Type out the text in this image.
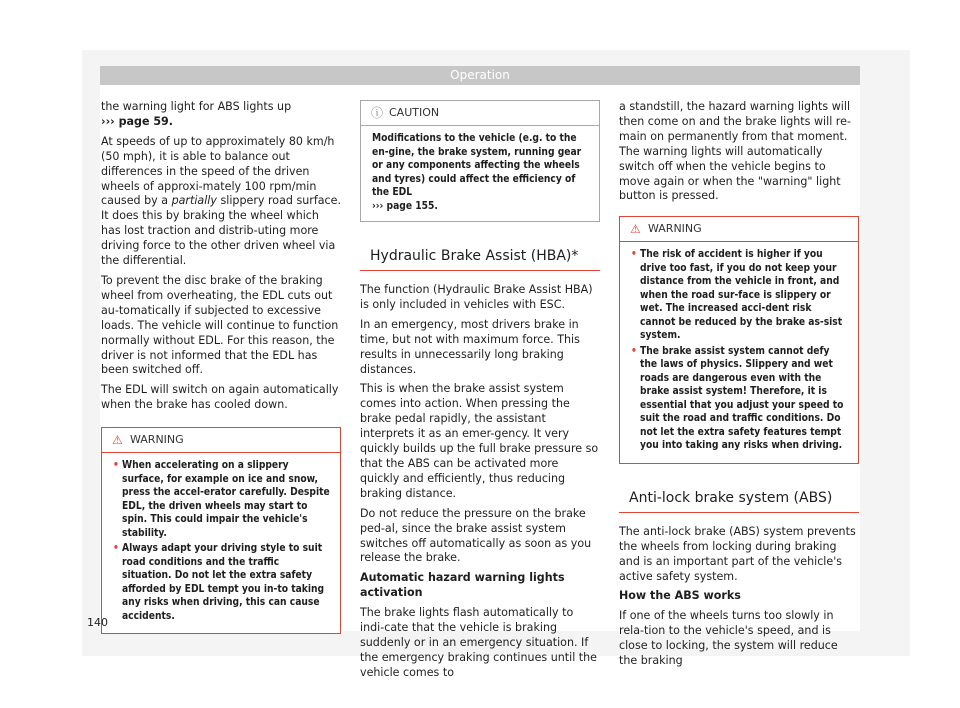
Operation

the warning light for ABS lights up
››› page 59.

At speeds of up to approximately 80 km/h (50 mph), it is able to balance out differences in the speed of the driven wheels of approxi-mately 100 rpm/min caused by a partially slippery road surface. It does this by braking the wheel which has lost traction and distrib-uting more driving force to the other driven wheel via the differential.

To prevent the disc brake of the braking wheel from overheating, the EDL cuts out au-tomatically if subjected to excessive loads. The vehicle will continue to function normally without EDL. For this reason, the driver is not informed that the EDL has been switched off.

The EDL will switch on again automatically when the brake has cooled down.

⚠ WARNING
• When accelerating on a slippery surface, for example on ice and snow, press the accel-erator carefully. Despite EDL, the driven wheels may start to spin. This could impair the vehicle's stability.
• Always adapt your driving style to suit road conditions and the traffic situation. Do not let the extra safety afforded by EDL tempt you in-to taking any risks when driving, this can cause accidents.
ⓘ CAUTION
Modifications to the vehicle (e.g. to the en-gine, the brake system, running gear or any components affecting the wheels and tyres) could affect the efficiency of the EDL
››› page 155.
Hydraulic Brake Assist (HBA)*

The function (Hydraulic Brake Assist HBA) is only included in vehicles with ESC.

In an emergency, most drivers brake in time, but not with maximum force. This results in unnecessarily long braking distances.

This is when the brake assist system comes into action. When pressing the brake pedal rapidly, the assistant interprets it as an emer-gency. It very quickly builds up the full brake pressure so that the ABS can be activated more quickly and efficiently, thus reducing braking distance.

Do not reduce the pressure on the brake ped-al, since the brake assist system switches off automatically as soon as you release the brake.

Automatic hazard warning lights activation

The brake lights flash automatically to indi-cate that the vehicle is braking suddenly or in an emergency situation. If the emergency braking continues until the vehicle comes to

a standstill, the hazard warning lights will then come on and the brake lights will re-main on permanently from that moment. The warning lights will automatically switch off when the vehicle begins to move again or when the "warning" light button is pressed.

⚠ WARNING
• The risk of accident is higher if you drive too fast, if you do not keep your distance from the vehicle in front, and when the road sur-face is slippery or wet. The increased acci-dent risk cannot be reduced by the brake as-sist system.
• The brake assist system cannot defy the laws of physics. Slippery and wet roads are dangerous even with the brake assist system! Therefore, it is essential that you adjust your speed to suit the road and traffic conditions. Do not let the extra safety features tempt you into taking any risks when driving.
Anti-lock brake system (ABS)

The anti-lock brake (ABS) system prevents the wheels from locking during braking and is an important part of the vehicle's active safety system.

How the ABS works

If one of the wheels turns too slowly in rela-tion to the vehicle's speed, and is close to locking, the system will reduce the braking

140
